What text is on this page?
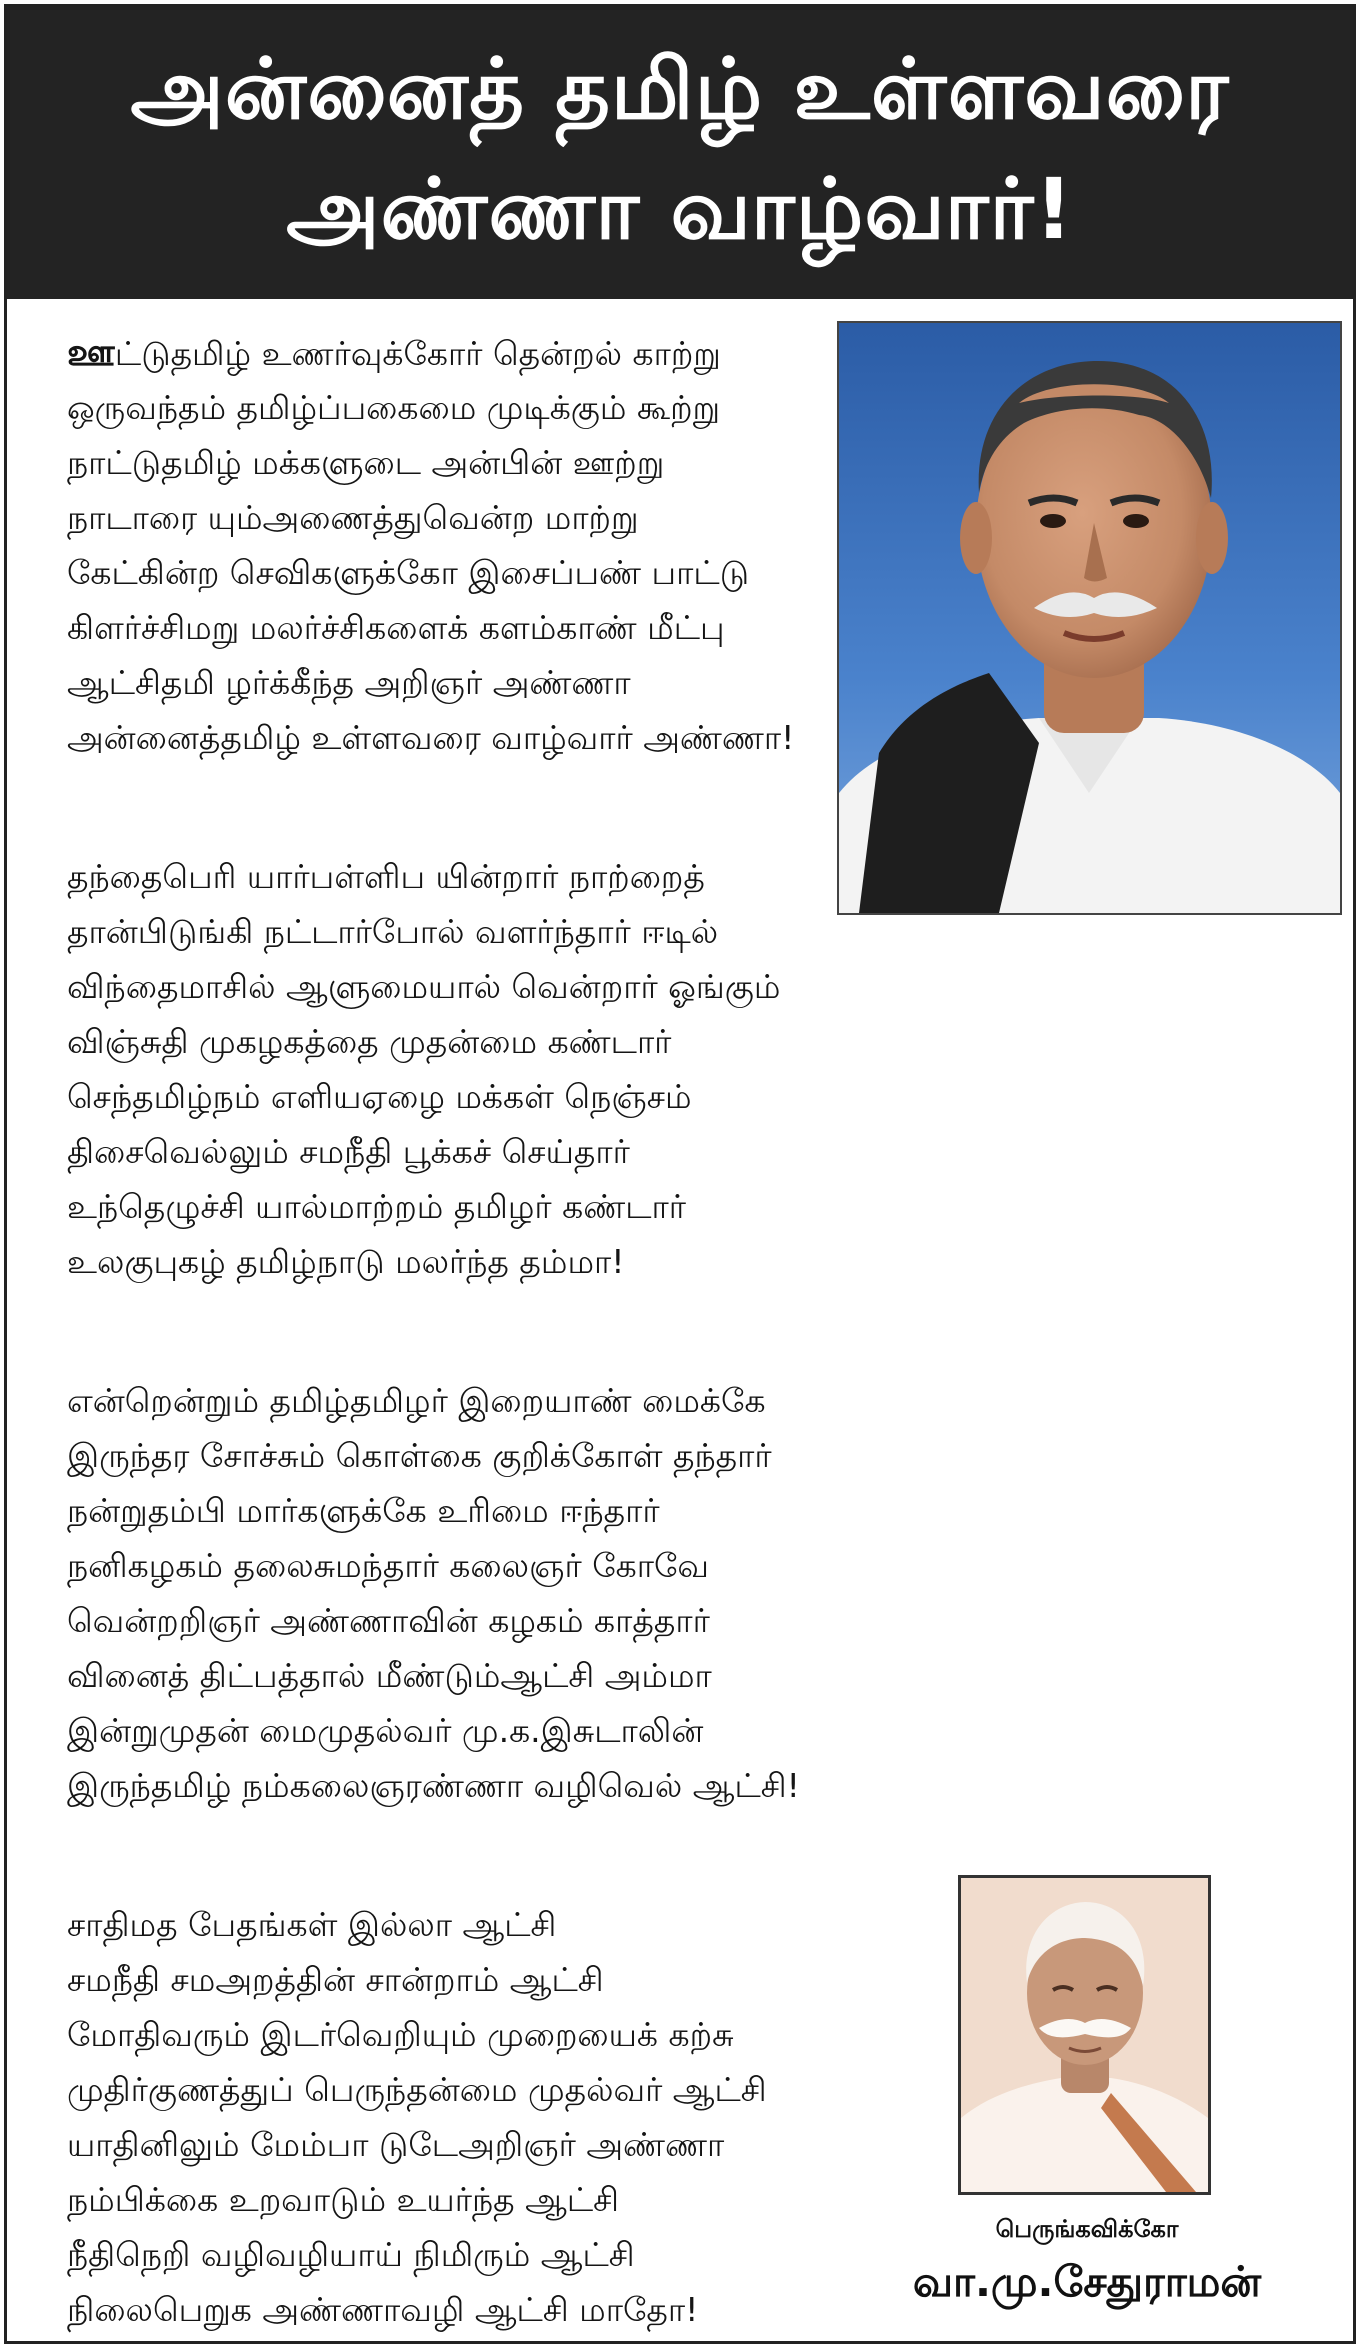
அன்னைத் தமிழ் உள்ளவரை
அண்ணா வாழ்வார்!
ஊட்டுதமிழ் உணர்வுக்கோர் தென்றல் காற்று
ஒருவந்தம் தமிழ்ப்பகைமை முடிக்கும் கூற்று
நாட்டுதமிழ் மக்களுடை அன்பின் ஊற்று
நாடாரை யும்அணைத்துவென்ற மாற்று
கேட்கின்ற செவிகளுக்கோ இசைப்பண் பாட்டு
கிளர்ச்சிமறு மலர்ச்சிகளைக் களம்காண் மீட்பு
ஆட்சிதமி ழர்க்கீந்த அறிஞர் அண்ணா
அன்னைத்தமிழ் உள்ளவரை வாழ்வார் அண்ணா!
தந்தைபெரி யார்பள்ளிப யின்றார் நாற்றைத்
தான்பிடுங்கி நட்டார்போல் வளர்ந்தார் ஈடில்
விந்தைமாசில் ஆளுமையால் வென்றார் ஓங்கும்
விஞ்சுதி முகழகத்தை முதன்மை கண்டார்
செந்தமிழ்நம் எளியஏழை மக்கள் நெஞ்சம்
திசைவெல்லும் சமநீதி பூக்கச் செய்தார்
உந்தெழுச்சி யால்மாற்றம் தமிழர் கண்டார்
உலகுபுகழ் தமிழ்நாடு மலர்ந்த தம்மா!
என்றென்றும் தமிழ்தமிழர் இறையாண் மைக்கே
இருந்தர சோச்சும் கொள்கை குறிக்கோள் தந்தார்
நன்றுதம்பி மார்களுக்கே உரிமை ஈந்தார்
நனிகழகம் தலைசுமந்தார் கலைஞர் கோவே
வென்றறிஞர் அண்ணாவின் கழகம் காத்தார்
வினைத் திட்பத்தால் மீண்டும்ஆட்சி அம்மா
இன்றுமுதன் மைமுதல்வர் மு.க.இசுடாலின்
இருந்தமிழ் நம்கலைஞரண்ணா வழிவெல் ஆட்சி!
சாதிமத பேதங்கள் இல்லா ஆட்சி
சமநீதி சமஅறத்தின் சான்றாம் ஆட்சி
மோதிவரும் இடர்வெறியும் முறையைக் கற்சு
முதிர்குணத்துப் பெருந்தன்மை முதல்வர் ஆட்சி
யாதினிலும் மேம்பா டுடேஅறிஞர் அண்ணா
நம்பிக்கை உறவாடும் உயர்ந்த ஆட்சி
நீதிநெறி வழிவழியாய் நிமிரும் ஆட்சி
நிலைபெறுக அண்ணாவழி ஆட்சி மாதோ!
பெருங்கவிக்கோ
வா.மு.சேதுராமன்
